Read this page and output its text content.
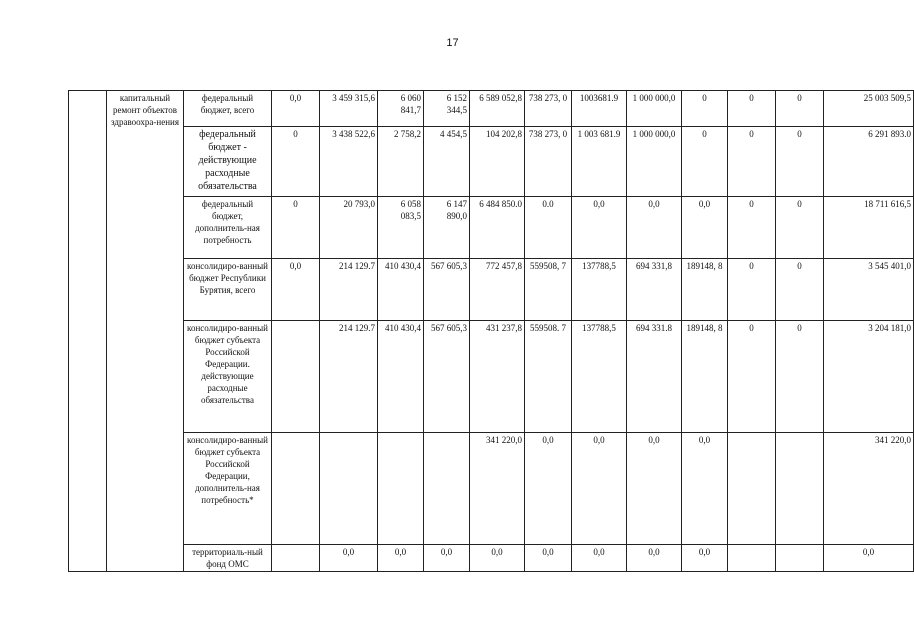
17
	капитальный ремонт объектов здравоохра-нения	федеральный бюджет, всего	0,0	3 459 315,6	6 060 841,7	6 152 344,5	6 589 052,8	738 273, 0	1003681.9	1 000 000,0	0	0	0	25 003 509,5
		федеральный бюджет - действующие расходные обязательства	0	3 438 522,6	2 758,2	4 454,5	104 202,8	738 273, 0	1 003 681.9	1 000 000,0	0	0	0	6 291 893.0
		федеральный бюджет, дополнитель-ная потребность	0	20 793,0	6 058 083,5	6 147 890,0	6 484 850.0	0.0	0,0	0,0	0,0	0	0	18 711 616,5
		консолидиро-ванный бюджет Республики Бурятия, всего	0,0	214 129.7	410 430,4	567 605,3	772 457,8	559508, 7	137788,5	694 331,8	189148, 8	0	0	3 545 401,0
		консолидиро-ванный бюджет субъекта Российской Федерации. действующие расходные обязательства		214 129.7	410 430,4	567 605,3	431 237,8	559508. 7	137788,5	694 331.8	189148, 8	0	0	3 204 181,0
		консолидиро-ванный бюджет субъекта Российской Федерации, дополнитель-ная потребность*					341 220,0	0,0	0,0	0,0	0,0			341 220,0
		территориаль-ный фонд ОМС		0,0	0,0	0,0	0,0	0,0	0,0	0,0	0,0			0,0
